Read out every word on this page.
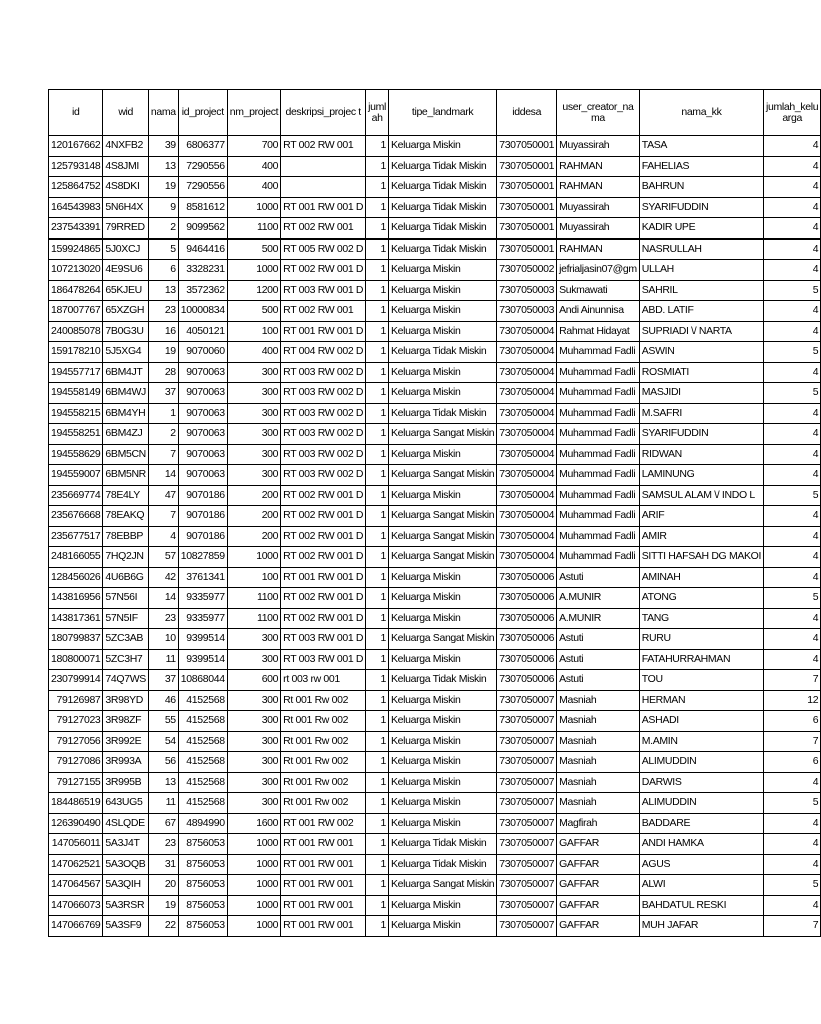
id	wid	nama	id_project	nm_project	deskripsi_projec t	juml ah	tipe_landmark	iddesa	user_creator_na ma	nama_kk	jumlah_kelu arga
120167662	4NXFB2	39	6806377	700	RT 002 RW 001	1	Keluarga Miskin	7307050001	Muyassirah	TASA	4
125793148	4S8JMI	13	7290556	400		1	Keluarga Tidak Miskin	7307050001	RAHMAN	FAHELIAS	4
125864752	4S8DKI	19	7290556	400		1	Keluarga Tidak Miskin	7307050001	RAHMAN	BAHRUN	4
164543983	5N6H4X	9	8581612	1000	RT 001 RW 001 D	1	Keluarga Tidak Miskin	7307050001	Muyassirah	SYARIFUDDIN	4
237543391	79RRED	2	9099562	1100	RT 002 RW 001	1	Keluarga Tidak Miskin	7307050001	Muyassirah	KADIR UPE	4
159924865	5J0XCJ	5	9464416	500	RT 005 RW 002 D	1	Keluarga Tidak Miskin	7307050001	RAHMAN	NASRULLAH	4
107213020	4E9SU6	6	3328231	1000	RT 002 RW 001 D	1	Keluarga Miskin	7307050002	jefrialjasin07@gm	ULLAH	4
186478264	65KJEU	13	3572362	1200	RT 003 RW 001 D	1	Keluarga Miskin	7307050003	Sukmawati	SAHRIL	5
187007767	65XZGH	23	10000834	500	RT 002 RW 001	1	Keluarga Miskin	7307050003	Andi Ainunnisa	ABD. LATIF	4
240085078	7B0G3U	16	4050121	100	RT 001 RW 001 D	1	Keluarga Miskin	7307050004	Rahmat Hidayat	SUPRIADI \/ NARTA	4
159178210	5J5XG4	19	9070060	400	RT 004 RW 002 D	1	Keluarga Tidak Miskin	7307050004	Muhammad Fadli	ASWIN	5
194557717	6BM4JT	28	9070063	300	RT 003 RW 002 D	1	Keluarga Miskin	7307050004	Muhammad Fadli	ROSMIATI	4
194558149	6BM4WJ	37	9070063	300	RT 003 RW 002 D	1	Keluarga Miskin	7307050004	Muhammad Fadli	MASJIDI	5
194558215	6BM4YH	1	9070063	300	RT 003 RW 002 D	1	Keluarga Tidak Miskin	7307050004	Muhammad Fadli	M.SAFRI	4
194558251	6BM4ZJ	2	9070063	300	RT 003 RW 002 D	1	Keluarga Sangat Miskin	7307050004	Muhammad Fadli	SYARIFUDDIN	4
194558629	6BM5CN	7	9070063	300	RT 003 RW 002 D	1	Keluarga Miskin	7307050004	Muhammad Fadli	RIDWAN	4
194559007	6BM5NR	14	9070063	300	RT 003 RW 002 D	1	Keluarga Sangat Miskin	7307050004	Muhammad Fadli	LAMINUNG	4
235669774	78E4LY	47	9070186	200	RT 002 RW 001 D	1	Keluarga Miskin	7307050004	Muhammad Fadli	SAMSUL ALAM \/ INDO L	5
235676668	78EAKQ	7	9070186	200	RT 002 RW 001 D	1	Keluarga Sangat Miskin	7307050004	Muhammad Fadli	ARIF	4
235677517	78EBBP	4	9070186	200	RT 002 RW 001 D	1	Keluarga Sangat Miskin	7307050004	Muhammad Fadli	AMIR	4
248166055	7HQ2JN	57	10827859	1000	RT 002 RW 001 D	1	Keluarga Sangat Miskin	7307050004	Muhammad Fadli	SITTI HAFSAH DG MAKOI	4
128456026	4U6B6G	42	3761341	100	RT 001 RW 001 D	1	Keluarga Miskin	7307050006	Astuti	AMINAH	4
143816956	57N56I	14	9335977	1100	RT 002 RW 001 D	1	Keluarga Miskin	7307050006	A.MUNIR	ATONG	5
143817361	57N5IF	23	9335977	1100	RT 002 RW 001 D	1	Keluarga Miskin	7307050006	A.MUNIR	TANG	4
180799837	5ZC3AB	10	9399514	300	RT 003 RW 001 D	1	Keluarga Sangat Miskin	7307050006	Astuti	RURU	4
180800071	5ZC3H7	11	9399514	300	RT 003 RW 001 D	1	Keluarga Miskin	7307050006	Astuti	FATAHURRAHMAN	4
230799914	74Q7WS	37	10868044	600	rt 003 rw 001	1	Keluarga Tidak Miskin	7307050006	Astuti	TOU	7
79126987	3R98YD	46	4152568	300	Rt 001 Rw 002	1	Keluarga Miskin	7307050007	Masniah	HERMAN	12
79127023	3R98ZF	55	4152568	300	Rt 001 Rw 002	1	Keluarga Miskin	7307050007	Masniah	ASHADI	6
79127056	3R992E	54	4152568	300	Rt 001 Rw 002	1	Keluarga Miskin	7307050007	Masniah	M.AMIN	7
79127086	3R993A	56	4152568	300	Rt 001 Rw 002	1	Keluarga Miskin	7307050007	Masniah	ALIMUDDIN	6
79127155	3R995B	13	4152568	300	Rt 001 Rw 002	1	Keluarga Miskin	7307050007	Masniah	DARWIS	4
184486519	643UG5	11	4152568	300	Rt 001 Rw 002	1	Keluarga Miskin	7307050007	Masniah	ALIMUDDIN	5
126390490	4SLQDE	67	4894990	1600	RT 001 RW 002	1	Keluarga Miskin	7307050007	Magfirah	BADDARE	4
147056011	5A3J4T	23	8756053	1000	RT 001 RW 001	1	Keluarga Tidak Miskin	7307050007	GAFFAR	ANDI HAMKA	4
147062521	5A3OQB	31	8756053	1000	RT 001 RW 001	1	Keluarga Tidak Miskin	7307050007	GAFFAR	AGUS	4
147064567	5A3QIH	20	8756053	1000	RT 001 RW 001	1	Keluarga Sangat Miskin	7307050007	GAFFAR	ALWI	5
147066073	5A3RSR	19	8756053	1000	RT 001 RW 001	1	Keluarga Miskin	7307050007	GAFFAR	BAHDATUL RESKI	4
147066769	5A3SF9	22	8756053	1000	RT 001 RW 001	1	Keluarga Miskin	7307050007	GAFFAR	MUH JAFAR	7
